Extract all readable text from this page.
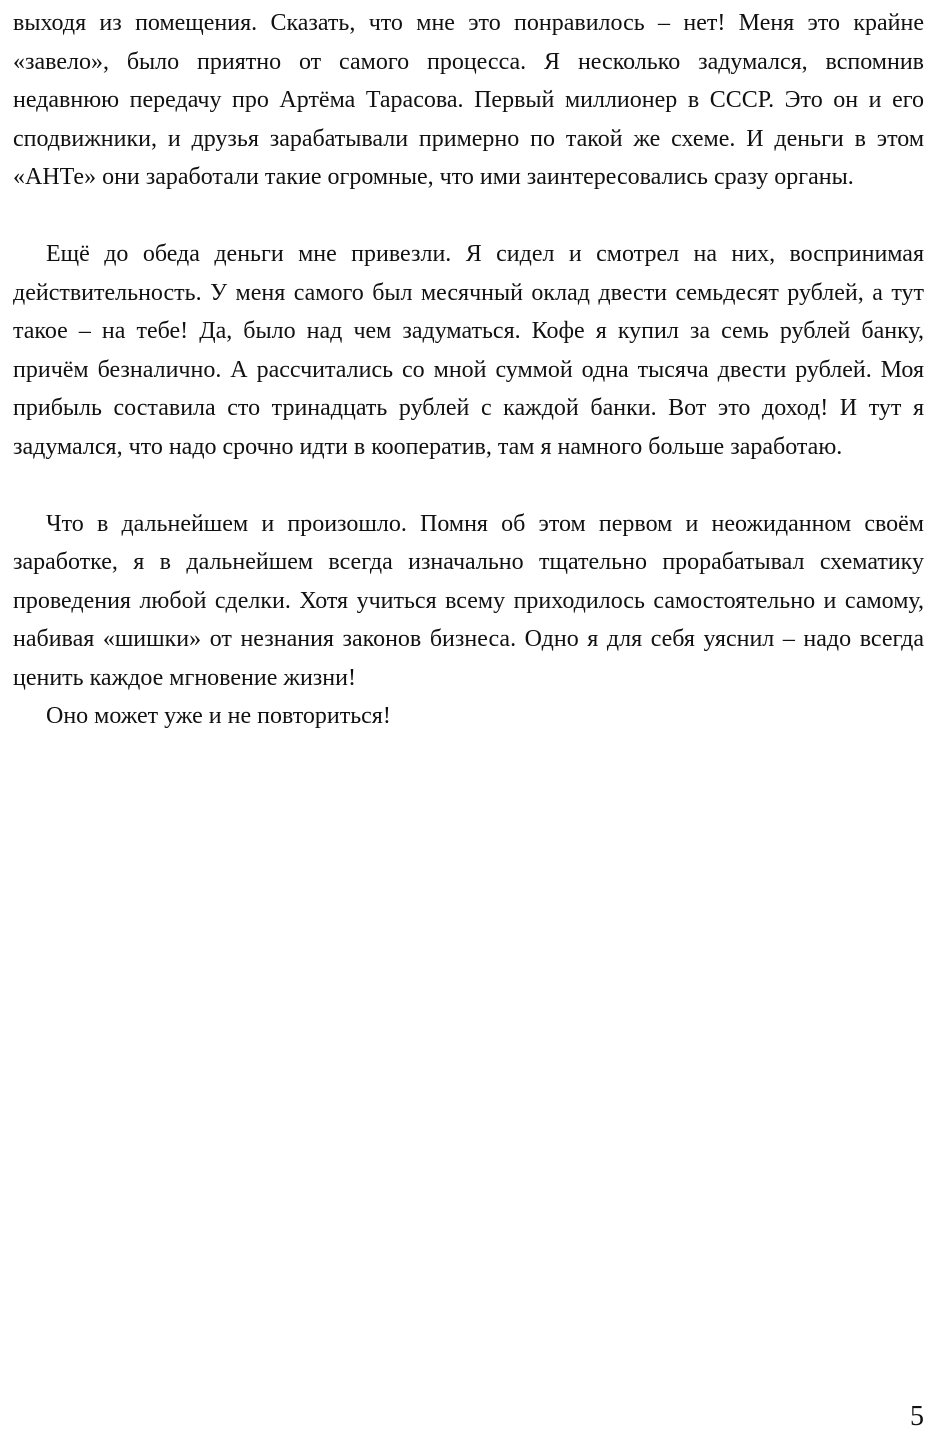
выходя из помещения. Сказать, что мне это понравилось – нет! Меня это крайне «завело», было приятно от самого процесса. Я несколько задумался, вспомнив недавнюю передачу про Артёма Тарасова. Первый миллионер в СССР. Это он и его сподвижники, и друзья зарабатывали примерно по такой же схеме. И деньги в этом «АНТе» они заработали такие огромные, что ими заинтересовались сразу органы.

Ещё до обеда деньги мне привезли. Я сидел и смотрел на них, воспринимая действительность. У меня самого был месячный оклад двести семьдесят рублей, а тут такое – на тебе! Да, было над чем задуматься. Кофе я купил за семь рублей банку, причём безналично. А рассчитались со мной суммой одна тысяча двести рублей. Моя прибыль составила сто тринадцать рублей с каждой банки. Вот это доход! И тут я задумался, что надо срочно идти в кооператив, там я намного больше заработаю.

Что в дальнейшем и произошло. Помня об этом первом и неожиданном своём заработке, я в дальнейшем всегда изначально тщательно прорабатывал схематику проведения любой сделки. Хотя учиться всему приходилось самостоятельно и самому, набивая «шишки» от незнания законов бизнеса. Одно я для себя уяснил – надо всегда ценить каждое мгновение жизни!

Оно может уже и не повториться!

5
